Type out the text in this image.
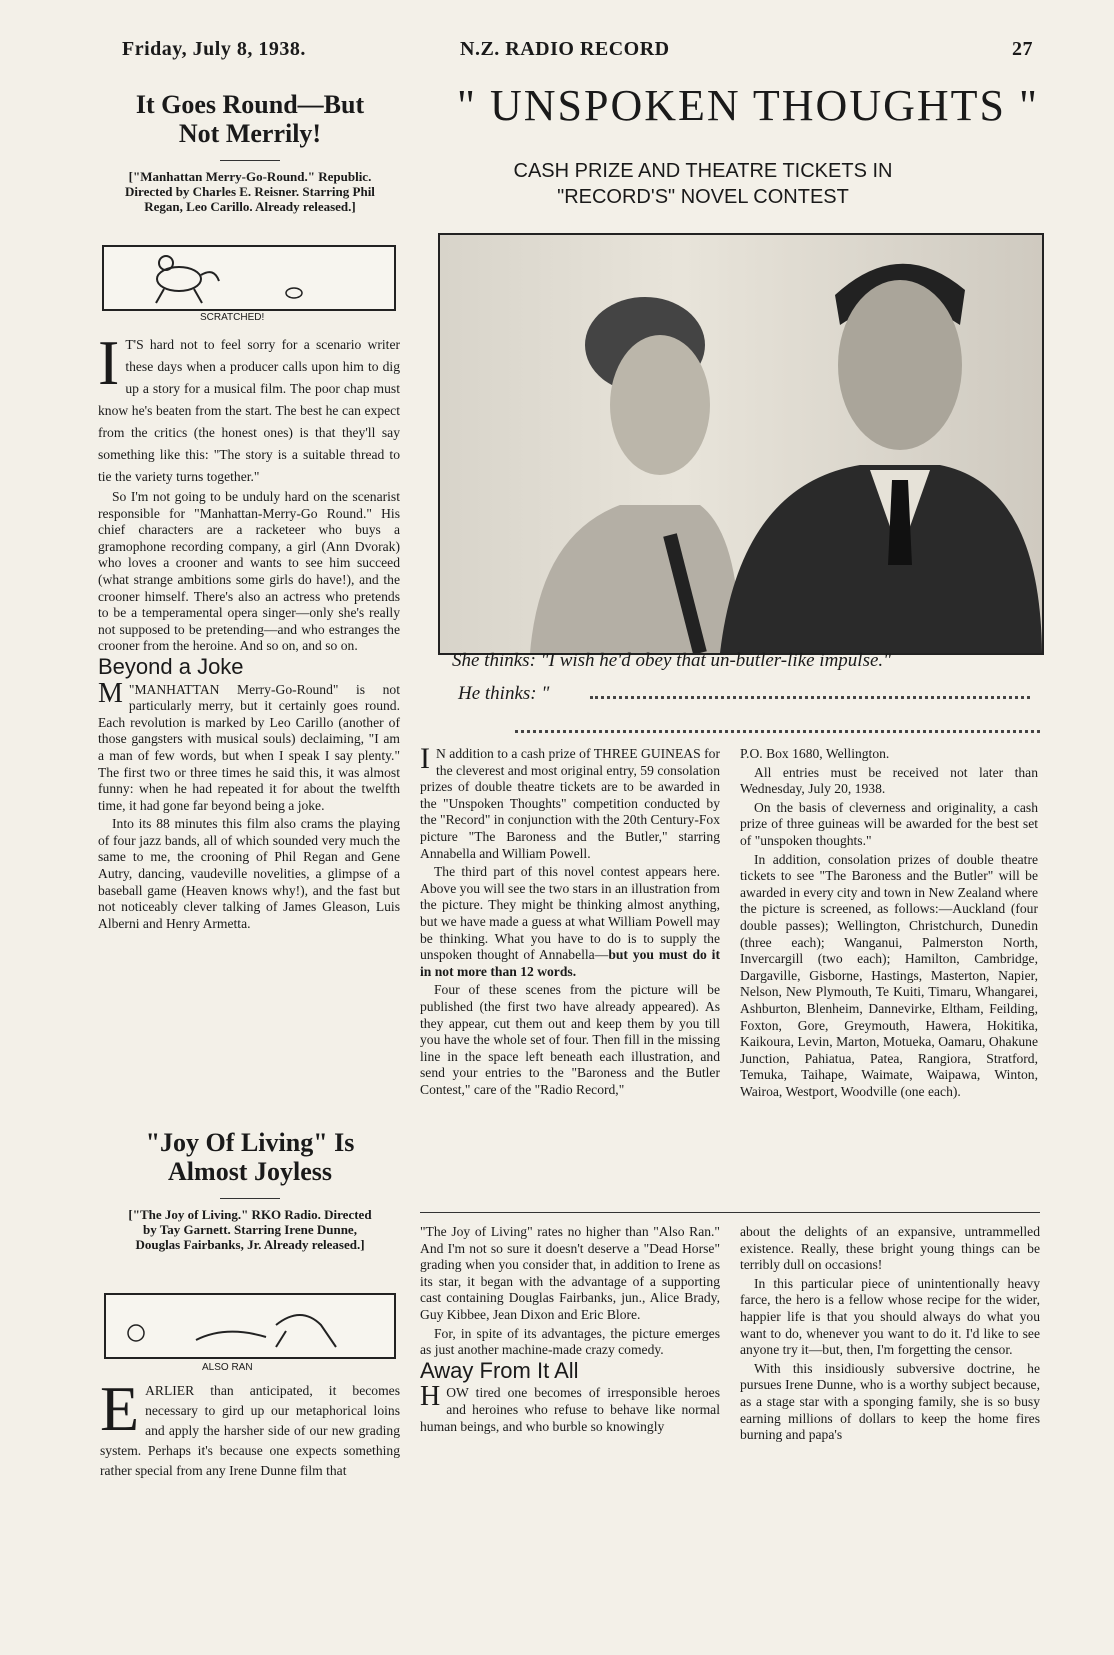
Friday, July 8, 1938.	N.Z. RADIO RECORD	27
It Goes Round—But
Not Merrily!

["Manhattan Merry-Go-Round." Republic. Directed by Charles E. Reisner. Starring Phil Regan, Leo Carillo. Already released.]

SCRATCHED!

I T'S hard not to feel sorry for a scenario writer these days when a producer calls upon him to dig up a story for a musical film. The poor chap must know he's beaten from the start. The best he can expect from the critics (the honest ones) is that they'll say something like this: "The story is a suitable thread to tie the variety turns together."

So I'm not going to be unduly hard on the scenarist responsible for "Manhattan-Merry-Go Round." His chief characters are a racketeer who buys a gramophone recording company, a girl (Ann Dvorak) who loves a crooner and wants to see him succeed (what strange ambitions some girls do have!), and the crooner himself. There's also an actress who pretends to be a temperamental opera singer—only she's really not supposed to be pretending—and who estranges the crooner from the heroine. And so on, and so on.

Beyond a Joke

M "MANHATTAN Merry-Go-Round" is not particularly merry, but it certainly goes round. Each revolution is marked by Leo Carillo (another of those gangsters with musical souls) declaiming, "I am a man of few words, but when I speak I say plenty." The first two or three times he said this, it was almost funny: when he had repeated it for about the twelfth time, it had gone far beyond being a joke.

Into its 88 minutes this film also crams the playing of four jazz bands, all of which sounded very much the same to me, the crooning of Phil Regan and Gene Autry, dancing, vaudeville novelities, a glimpse of a baseball game (Heaven knows why!), and the fast but not noticeably clever talking of James Gleason, Luis Alberni and Henry Armetta.

"Joy Of Living" Is
Almost Joyless

["The Joy of Living." RKO Radio. Directed by Tay Garnett. Starring Irene Dunne, Douglas Fairbanks, Jr. Already released.]

ALSO RAN

E ARLIER than anticipated, it becomes necessary to gird up our metaphorical loins and apply the harsher side of our new grading system. Perhaps it's because one expects something rather special from any Irene Dunne film that

" UNSPOKEN THOUGHTS "
CASH PRIZE AND THEATRE TICKETS IN
"RECORD'S" NOVEL CONTEST
She thinks: "I wish he'd obey that un-butler-like impulse."
He thinks: "

I N addition to a cash prize of THREE GUINEAS for the cleverest and most original entry, 59 consolation prizes of double theatre tickets are to be awarded in the "Unspoken Thoughts" competition conducted by the "Record" in conjunction with the 20th Century-Fox picture "The Baroness and the Butler," starring Annabella and William Powell.

The third part of this novel contest appears here. Above you will see the two stars in an illustration from the picture. They might be thinking almost anything, but we have made a guess at what William Powell may be thinking. What you have to do is to supply the unspoken thought of Annabella—but you must do it in not more than 12 words.

Four of these scenes from the picture will be published (the first two have already appeared). As they appear, cut them out and keep them by you till you have the whole set of four. Then fill in the missing line in the space left beneath each illustration, and send your entries to the "Baroness and the Butler Contest," care of the "Radio Record,"

P.O. Box 1680, Wellington.

All entries must be received not later than Wednesday, July 20, 1938.

On the basis of cleverness and originality, a cash prize of three guineas will be awarded for the best set of "unspoken thoughts."

In addition, consolation prizes of double theatre tickets to see "The Baroness and the Butler" will be awarded in every city and town in New Zealand where the picture is screened, as follows:—Auckland (four double passes); Wellington, Christchurch, Dunedin (three each); Wanganui, Palmerston North, Invercargill (two each); Hamilton, Cambridge, Dargaville, Gisborne, Hastings, Masterton, Napier, Nelson, New Plymouth, Te Kuiti, Timaru, Whangarei, Ashburton, Blenheim, Dannevirke, Eltham, Feilding, Foxton, Gore, Greymouth, Hawera, Hokitika, Kaikoura, Levin, Marton, Motueka, Oamaru, Ohakune Junction, Pahiatua, Patea, Rangiora, Stratford, Temuka, Taihape, Waimate, Waipawa, Winton, Wairoa, Westport, Woodville (one each).

"The Joy of Living" rates no higher than "Also Ran." And I'm not so sure it doesn't deserve a "Dead Horse" grading when you consider that, in addition to Irene as its star, it began with the advantage of a supporting cast containing Douglas Fairbanks, jun., Alice Brady, Guy Kibbee, Jean Dixon and Eric Blore.

For, in spite of its advantages, the picture emerges as just another machine-made crazy comedy.

Away From It All

H OW tired one becomes of irresponsible heroes and heroines who refuse to behave like normal human beings, and who burble so knowingly

about the delights of an expansive, untrammelled existence. Really, these bright young things can be terribly dull on occasions!

In this particular piece of unintentionally heavy farce, the hero is a fellow whose recipe for the wider, happier life is that you should always do what you want to do, whenever you want to do it. I'd like to see anyone try it—but, then, I'm forgetting the censor.

With this insidiously subversive doctrine, he pursues Irene Dunne, who is a worthy subject because, as a stage star with a sponging family, she is so busy earning millions of dollars to keep the home fires burning and papa's
